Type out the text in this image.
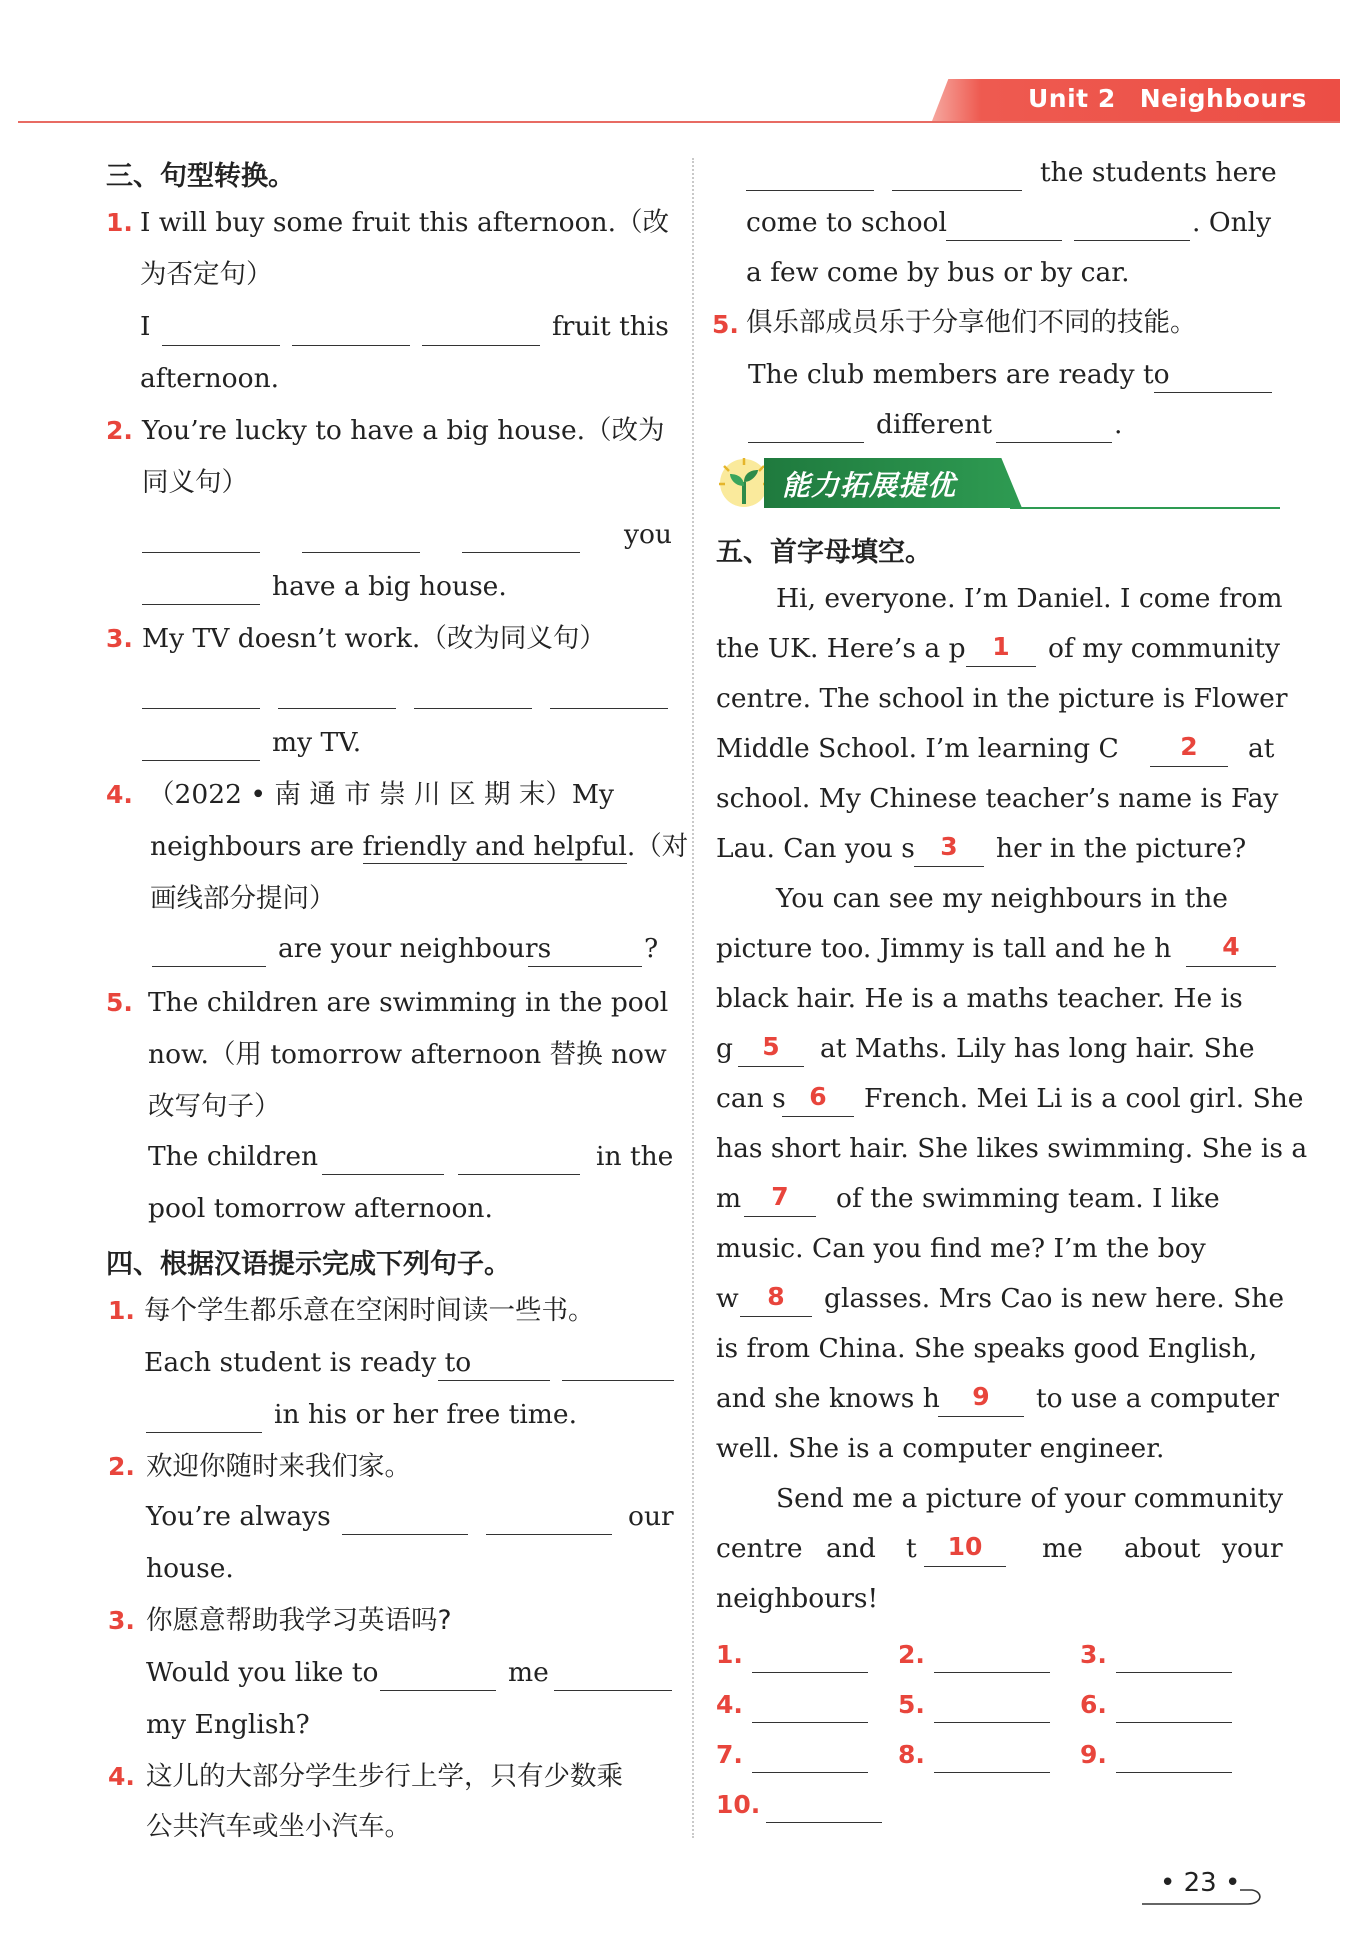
Unit 2 Neighbours
三、句型转换。
1. I will buy some fruit this afternoon.（改
为否定句）
I	fruit this
afternoon.
2. You’re lucky to have a big house.（改为
同义句）
you
have a big house.
3. My TV doesn’t work.（改为同义句）
my TV.
4. （2022 • 南 通 市 崇 川 区 期 末）My
neighbours are friendly and helpful.（对
画线部分提问）
are your neighbours	?
5. The children are swimming in the pool
now.（用 tomorrow afternoon 替换 now
改写句子）
The children	in the
pool tomorrow afternoon.
四、根据汉语提示完成下列句子。
1. 每个学生都乐意在空闲时间读一些书。
Each student is ready to
in his or her free time.
2. 欢迎你随时来我们家。
You’re always	our
house.
3. 你愿意帮助我学习英语吗?
Would you like to	me
my English?
4. 这儿的大部分学生步行上学，只有少数乘
公共汽车或坐小汽车。
the students here
come to school	. Only
a few come by bus or by car.
5. 俱乐部成员乐于分享他们不同的技能。
The club members are ready to
different	.
能力拓展提优
五、首字母填空。
Hi, everyone. I’m Daniel. I come from
the UK. Here’s a p	1	of my community
centre. The school in the picture is Flower
Middle School. I’m learning C	2	at
school. My Chinese teacher’s name is Fay
Lau. Can you s	3	her in the picture?
You can see my neighbours in the
picture too. Jimmy is tall and he h	4
black hair. He is a maths teacher. He is
g	5	at Maths. Lily has long hair. She
can s 6	French. Mei Li is a cool girl. She
has short hair. She likes swimming. She is a
m	7	of the swimming team. I like
music. Can you find me? I’m the boy
w	8	glasses. Mrs Cao is new here. She
is from China. She speaks good English,
and she knows h	9	to use a computer
well. She is a computer engineer.
Send me a picture of your community
centre and t	10	me about your
neighbours!
1.	2.	3.
4.	5.	6.
7.	8.	9.
10.
• 23 •
